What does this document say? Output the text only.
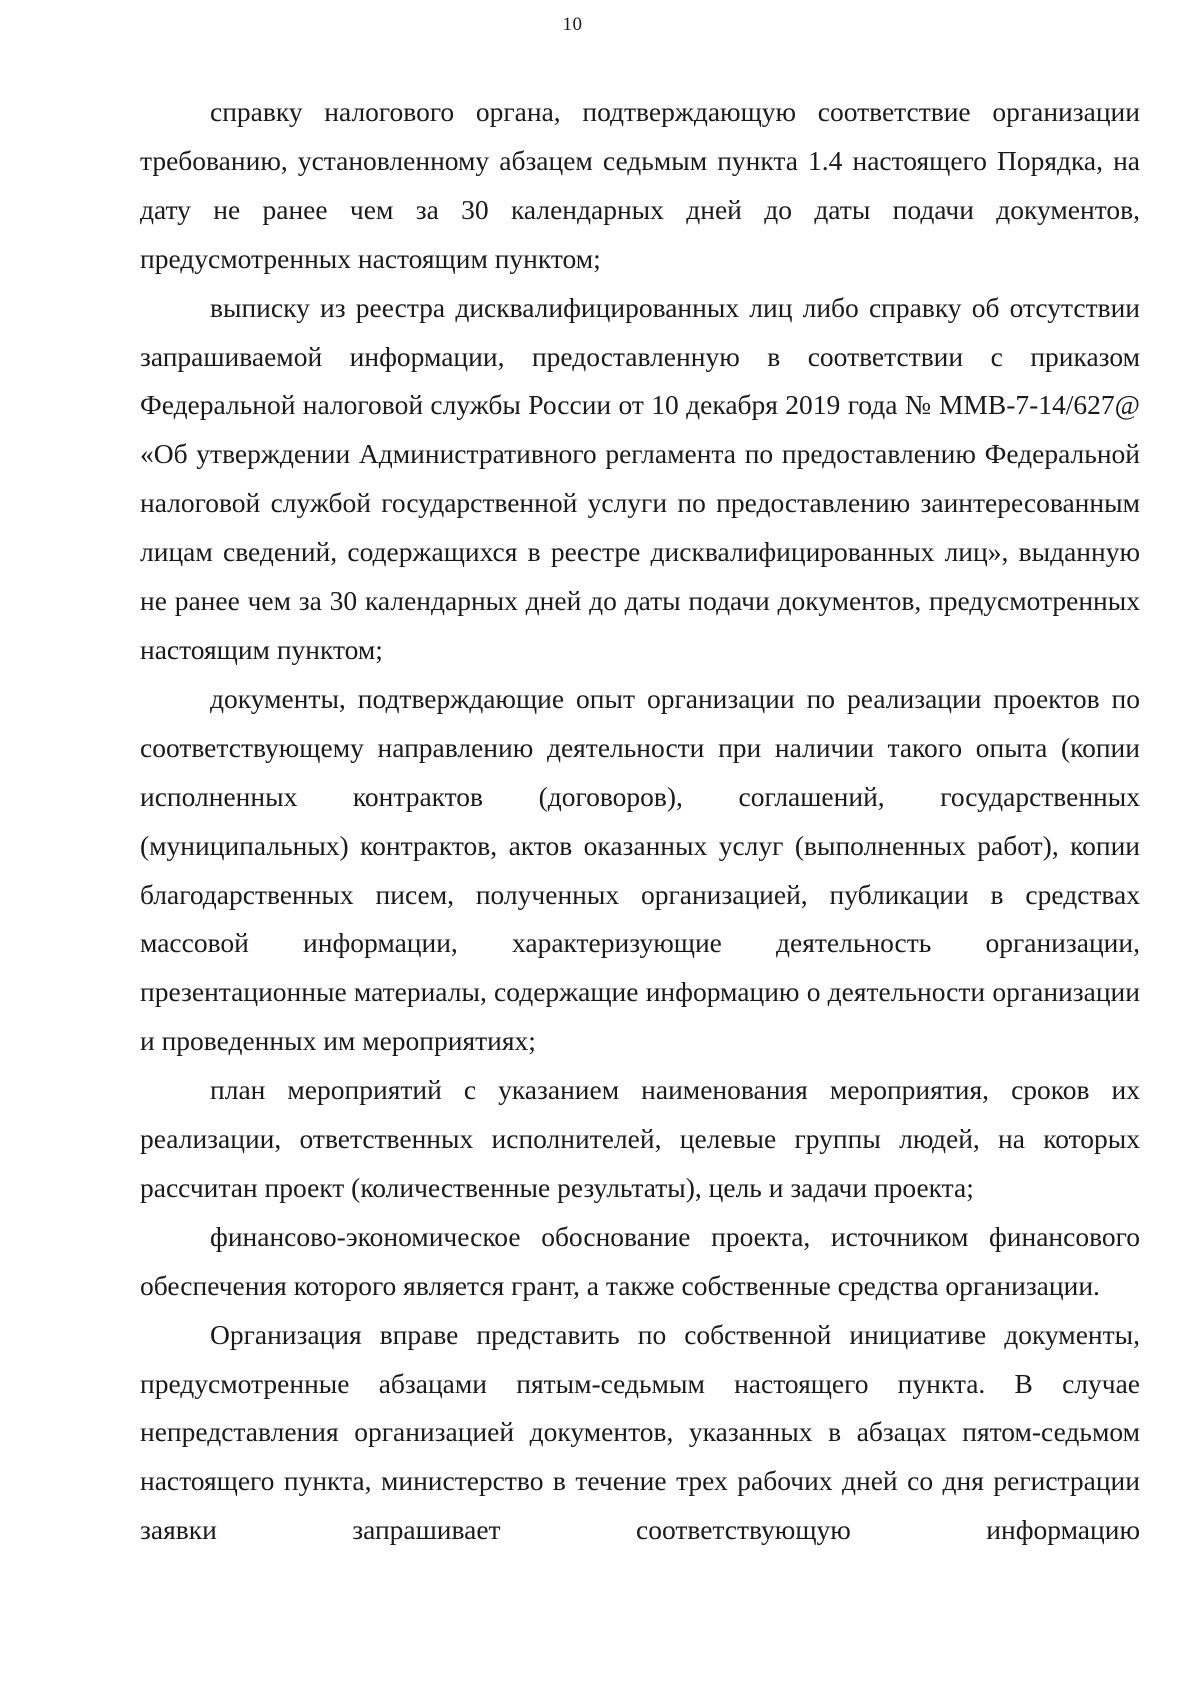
10

справку налогового органа, подтверждающую соответствие организации требованию, установленному абзацем седьмым пункта 1.4 настоящего Порядка, на дату не ранее чем за 30 календарных дней до даты подачи документов, предусмотренных настоящим пунктом;

выписку из реестра дисквалифицированных лиц либо справку об отсутствии запрашиваемой информации, предоставленную в соответствии с приказом Федеральной налоговой службы России от 10 декабря 2019 года № ММВ-7-14/627@ «Об утверждении Административного регламента по предоставлению Федеральной налоговой службой государственной услуги по предоставлению заинтересованным лицам сведений, содержащихся в реестре дисквалифицированных лиц», выданную не ранее чем за 30 календарных дней до даты подачи документов, предусмотренных настоящим пунктом;

документы, подтверждающие опыт организации по реализации проектов по соответствующему направлению деятельности при наличии такого опыта (копии исполненных контрактов (договоров), соглашений, государственных (муниципальных) контрактов, актов оказанных услуг (выполненных работ), копии благодарственных писем, полученных организацией, публикации в средствах массовой информации, характеризующие деятельность организации, презентационные материалы, содержащие информацию о деятельности организации и проведенных им мероприятиях;

план мероприятий с указанием наименования мероприятия, сроков их реализации, ответственных исполнителей, целевые группы людей, на которых рассчитан проект (количественные результаты), цель и задачи проекта;

финансово-экономическое обоснование проекта, источником финансового обеспечения которого является грант, а также собственные средства организации.

Организация вправе представить по собственной инициативе документы, предусмотренные абзацами пятым-седьмым настоящего пункта. В случае непредставления организацией документов, указанных в абзацах пятом-седьмом настоящего пункта, министерство в течение трех рабочих дней со дня регистрации заявки запрашивает соответствующую информацию
